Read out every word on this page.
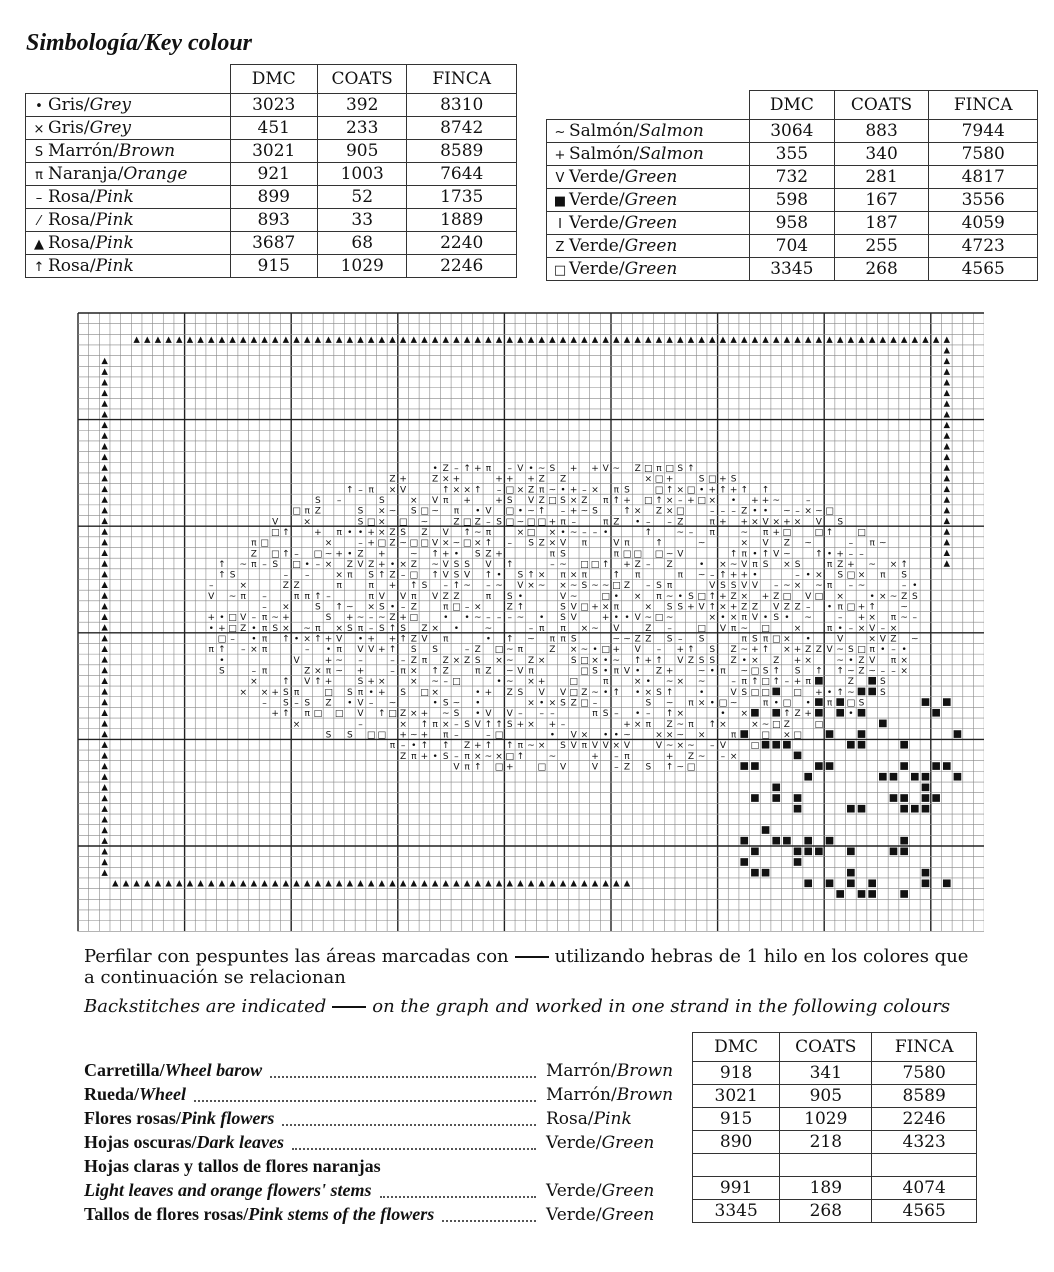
Simbología/Key colour
	DMC	COATS	FINCA
• Gris/Grey	3023	392	8310
× Gris/Grey	451	233	8742
S Marrón/Brown	3021	905	8589
π Naranja/Orange	921	1003	7644
– Rosa/Pink	899	52	1735
⁄ Rosa/Pink	893	33	1889
▲ Rosa/Pink	3687	68	2240
↑ Rosa/Pink	915	1029	2246
	DMC	COATS	FINCA
~ Salmón/Salmon	3064	883	7944
+ Salmón/Salmon	355	340	7580
V Verde/Green	732	281	4817
■ Verde/Green	598	167	3556
I Verde/Green	958	187	4059
Z Verde/Green	704	255	4723
□ Verde/Green	3345	268	4565
• Z – ↑ + π – V • ~ S + + V ~ Z □ π □ S ↑
Z +	Z × +	+ + + Z Z	× □ +	S □ + S
↑ – π × V	↑ × × ↑ – □ × Z π ~ • + – × π S	□ ↑ × □ • + ↑ + ↑ ↑
S –	S	× V π +	+ S V Z □ S × Z π ↑ + □ ↑ × – + □ × • + + ~	–
□ π Z	S × ~ S □ ~ π • V □ • ~ ↑ – + ~ S	↑ × Z × □	– – – Z • • ~ – × ~ □
V	×	S □ × □ ~	Z □ Z – S □ ~ □ □ + π –	π Z • – – Z	π + + × V × + × V S
□ ↑	+ π • • + × Z S Z V ↑ ~ π	× □ × • ~ – – •	↑	~ – π	~ π + □	□ ↑	□
π □	×	– + □ Z ~ □ □ V × ~ □ × ↑ – S Z × V π	V π	↑	~	× V Z ~	– π ~
Z □ ↑ – □ ~ + • Z +	~ ↑ + • S Z +	π S	π □ □ □ ~ V	↑ π • ↑ V ~	↑ • + – –
↑ ~ π – S □ • – × Z V Z + • × Z ~ V S S V ↑	– ~ □ □ ↑ + Z – Z	• × ~ V π S × S	π Z + ~ × ↑
↑ S	– –	× π S ↑ Z – □ ↑ V S V ↑ • S ↑ × π × π	↑ π	π ~ – ↑ + + •	– • × S □ × π S
–	×	Z Z	π	π + ↑ S – ↑ ~ – ~ V × ~ × ~ S ~ ~ □ Z – S π	V S S V V – ~ × ~ π – ~	– •
V ~ π –	π π ↑ –	π V V π V Z Z	π S •	V ~	□ • × π ~ • S □ ↑ + Z × + Z □ V □ ×	• × ~ Z S
– ×	S ↑ ~ × S • – Z	π □ – ×	Z ↑	S V □ + × π	× S S + V ↑ × + Z Z V Z Z – • π □ + ↑	~
+ • □ V – π ~ +	S + ~ – ~ Z + □	• • ~ – – – ~ • S V	+ • • V ~ □ ~	× • × π V • S • ~	– + × π ~ –
• + □ Z • π S × ~ π × S π – S ↑ S Z × •	~	– π π × ~ V	Z –	□ V π ~ □	×	π • – × V – ×
□ – • π ↑ • × ↑ + V • + + ↑ Z V π	• ↑ ~ π π S	~ ~ Z Z S – S	π S π □ × •	V	× V Z ~
π ↑ – × π	– • π V V + ↑ S S	– Z □ ~ π	Z × ~ • □ + V – + ↑ S Z ~ + ↑ × + Z Z V ~ S □ π • – •
•	V	+ ~ –	– – Z π Z × Z S × ~ Z ×	S □ × • ~ ↑ + ↑ V Z S S Z • × Z + ×	~ • Z V π ×
S	– π	Z × π ~ +	– π × ↑ Z	π Z ~ V π	□ S • π V • Z +	~ • π ~ □ S ↑ S ↑ ↑ ~ Z ~ – – ×
×	↑ V ↑ +	S + ×	× ~ – □	• ~ × +	□	π	× • ~ × ~	– π ↑ □ ↑ – + π	Z	S
× × + S π	□ S π • + S □ ×	• + Z S V V □ Z ~ • ↑ • × S ↑	•	V S □ □	□ + • ↑ ~	S
– S – S Z • V – ~	• S ~ •	× • × S Z □ –	S ~ π × • □ ~	π • □ • π □ S
+ ↑ π □ □ V ↑ □ Z × + ~ S • V V – – –	π S – • – ↑ ×	• ×	↑ Z +	•
×	–	× ↑ π × – S V ↑ ↑ S + × + –	+ × π Z ~ π ↑ ×	× ~ □ Z	□
S S □ □ + ~ + π –	– □	• V × • • ~	× × ~ ×	π	□ × □
π – • ↑ ↑ Z + ↑ ↑ π ~ × S V π V V × V	V ~ × ~ – V	□
Z π + • S – π × ~ × □ ↑	~	+ – π	+ Z ~ – ×
V π ↑ □ +	□ V	V – Z S ↑ ~ □
Perfilar con pespuntes las áreas marcadas con	utilizando hebras de 1 hilo en los colores que a continuación se relacionan
Backstitches are indicated	on the graph and worked in one strand in the following colours
Carretilla/Wheel barow	Marrón/Brown
Rueda/Wheel	Marrón/Brown
Flores rosas/Pink flowers	Rosa/Pink
Hojas oscuras/Dark leaves	Verde/Green
Hojas claras y tallos de flores naranjas
Light leaves and orange flowers' stems	Verde/Green
Tallos de flores rosas/Pink stems of the flowers	Verde/Green
DMC	COATS	FINCA
918	341	7580
3021	905	8589
915	1029	2246
890	218	4323

991	189	4074
3345	268	4565
